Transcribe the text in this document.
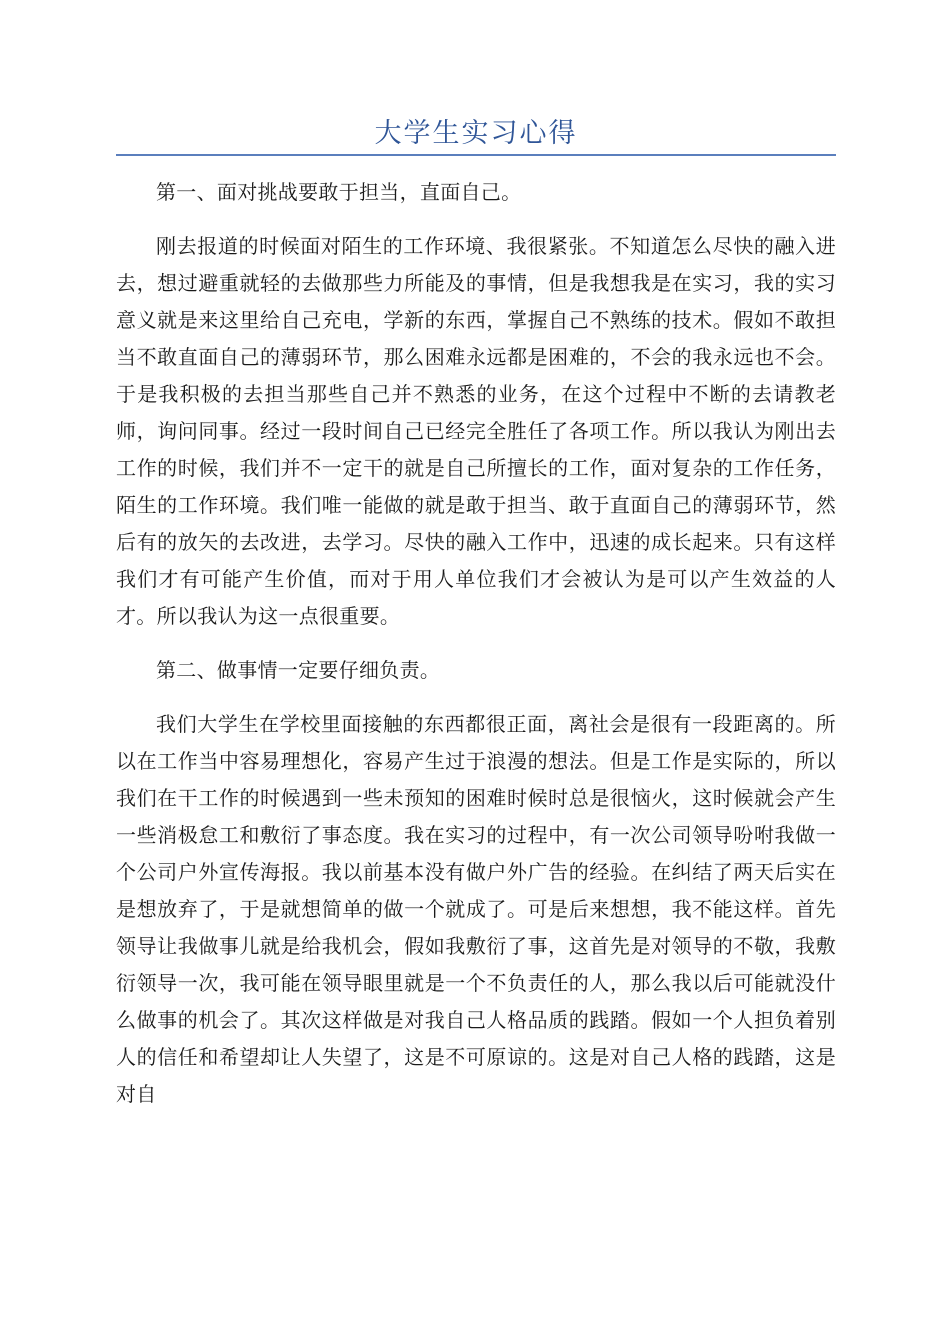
大学生实习心得

第一、面对挑战要敢于担当，直面自己。

刚去报道的时候面对陌生的工作环境、我很紧张。不知道怎么尽快的融入进去，想过避重就轻的去做那些力所能及的事情，但是我想我是在实习，我的实习意义就是来这里给自己充电，学新的东西，掌握自己不熟练的技术。假如不敢担当不敢直面自己的薄弱环节，那么困难永远都是困难的，不会的我永远也不会。于是我积极的去担当那些自己并不熟悉的业务，在这个过程中不断的去请教老师，询问同事。经过一段时间自己已经完全胜任了各项工作。所以我认为刚出去工作的时候，我们并不一定干的就是自己所擅长的工作，面对复杂的工作任务，陌生的工作环境。我们唯一能做的就是敢于担当、敢于直面自己的薄弱环节，然后有的放矢的去改进，去学习。尽快的融入工作中，迅速的成长起来。只有这样我们才有可能产生价值，而对于用人单位我们才会被认为是可以产生效益的人才。所以我认为这一点很重要。

第二、做事情一定要仔细负责。

我们大学生在学校里面接触的东西都很正面，离社会是很有一段距离的。所以在工作当中容易理想化，容易产生过于浪漫的想法。但是工作是实际的，所以我们在干工作的时候遇到一些未预知的困难时候时总是很恼火，这时候就会产生一些消极怠工和敷衍了事态度。我在实习的过程中，有一次公司领导吩咐我做一个公司户外宣传海报。我以前基本没有做户外广告的经验。在纠结了两天后实在是想放弃了，于是就想简单的做一个就成了。可是后来想想，我不能这样。首先领导让我做事儿就是给我机会，假如我敷衍了事，这首先是对领导的不敬，我敷衍领导一次，我可能在领导眼里就是一个不负责任的人，那么我以后可能就没什么做事的机会了。其次这样做是对我自己人格品质的践踏。假如一个人担负着别人的信任和希望却让人失望了，这是不可原谅的。这是对自己人格的践踏，这是对自
